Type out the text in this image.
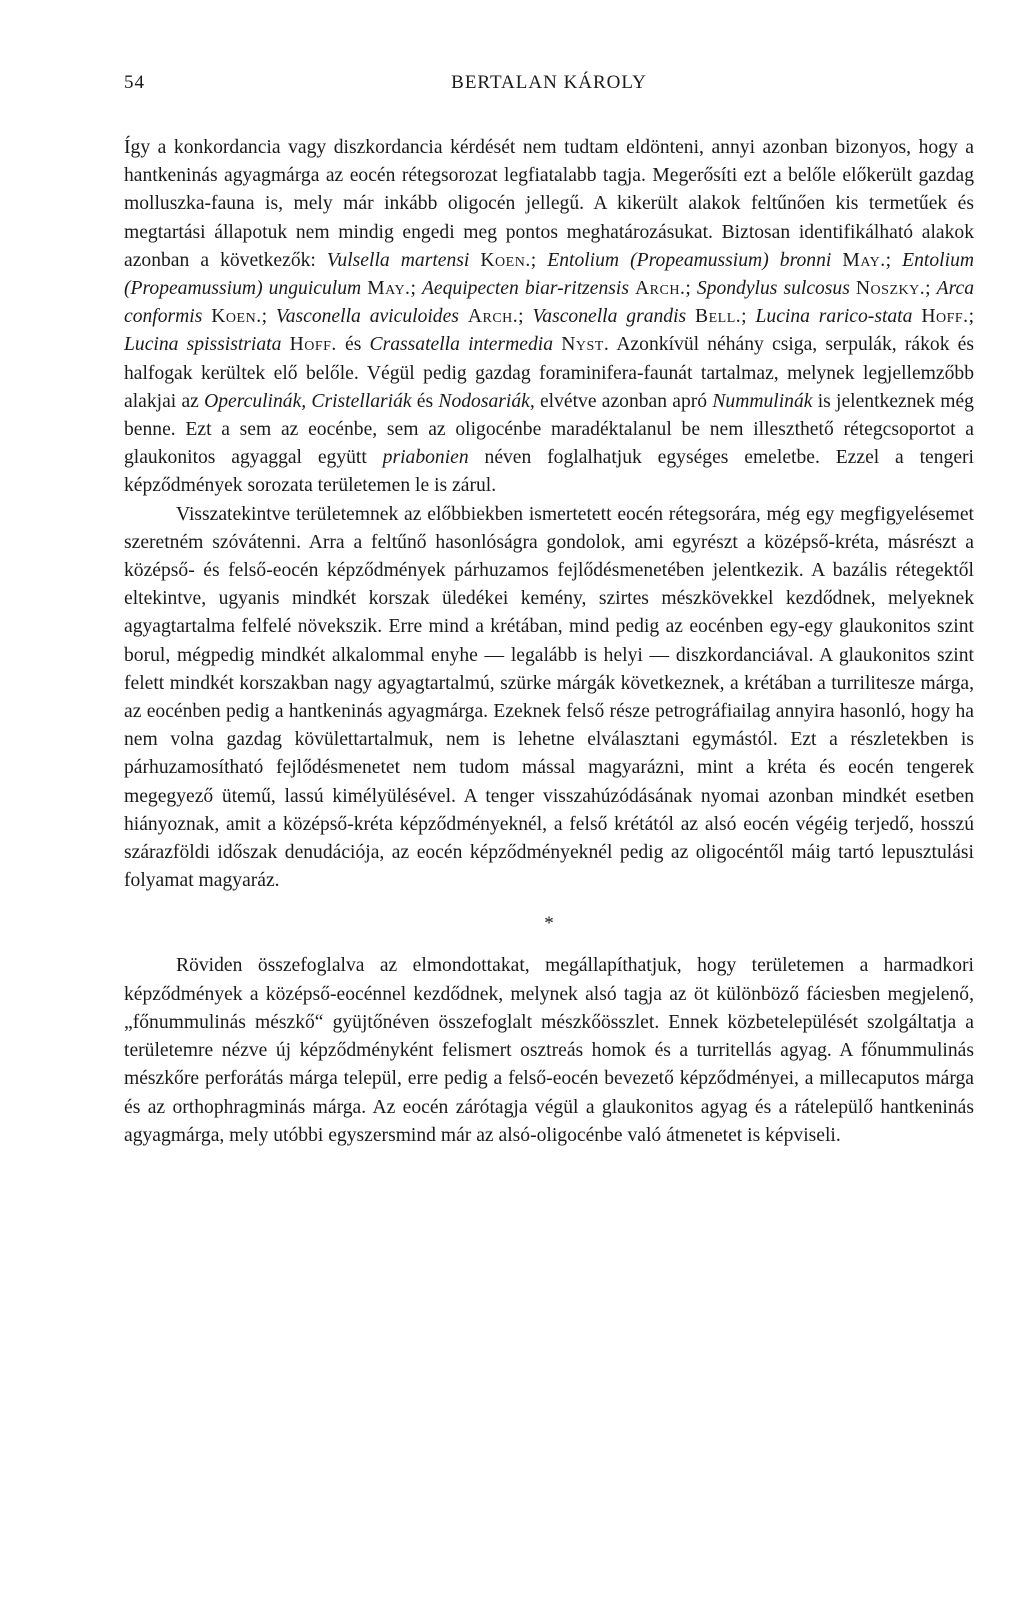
54	BERTALAN KÁROLY

Így a konkordancia vagy diszkordancia kérdését nem tudtam eldönteni, annyi azonban bizonyos, hogy a hantkeninás agyagmárga az eocén rétegsorozat legfiatalabb tagja. Megerősíti ezt a belőle előkerült gazdag molluszka-fauna is, mely már inkább oligocén jellegű. A kikerült alakok feltűnően kis termetűek és megtartási állapotuk nem mindig engedi meg pontos meghatározásukat. Biztosan identifikálható alakok azonban a következők: Vulsella martensi Koen.; Entolium (Propeamussium) bronni May.; Entolium (Propeamussium) unguiculum May.; Aequipecten biar-ritzensis Arch.; Spondylus sulcosus Noszky.; Arca conformis Koen.; Vasconella aviculoides Arch.; Vasconella grandis Bell.; Lucina rarico-stata Hoff.; Lucina spissistriata Hoff. és Crassatella intermedia Nyst. Azonkívül néhány csiga, serpulák, rákok és halfogak kerültek elő belőle. Végül pedig gazdag foraminifera-faunát tartalmaz, melynek legjellemzőbb alakjai az Operculinák, Cristellariák és Nodosariák, elvétve azonban apró Nummulinák is jelentkeznek még benne. Ezt a sem az eocénbe, sem az oligocénbe maradéktalanul be nem illeszthető rétegcsoportot a glaukonitos agyaggal együtt priabonien néven foglalhatjuk egységes emeletbe. Ezzel a tengeri képződmények sorozata területemen le is zárul.

Visszatekintve területemnek az előbbiekben ismertetett eocén rétegsorára, még egy megfigyelésemet szeretném szóvátenni. Arra a feltűnő hasonlóságra gondolok, ami egyrészt a középső-kréta, másrészt a középső- és felső-eocén képződmények párhuzamos fejlődésmenetében jelentkezik. A bazális rétegektől eltekintve, ugyanis mindkét korszak üledékei kemény, szirtes mészkövekkel kezdődnek, melyeknek agyagtartalma felfelé növekszik. Erre mind a krétában, mind pedig az eocénben egy-egy glaukonitos szint borul, mégpedig mindkét alkalommal enyhe — legalább is helyi — diszkordanciával. A glaukonitos szint felett mindkét korszakban nagy agyagtartalmú, szürke márgák következnek, a krétában a turrilitesze márga, az eocénben pedig a hantkeninás agyagmárga. Ezeknek felső része petrográfiailag annyira hasonló, hogy ha nem volna gazdag kövülettartalmuk, nem is lehetne elválasztani egymástól. Ezt a részletekben is párhuzamosítható fejlődésmenetet nem tudom mással magyarázni, mint a kréta és eocén tengerek megegyező ütemű, lassú kimélyülésével. A tenger visszahúzódásának nyomai azonban mindkét esetben hiányoznak, amit a középső-kréta képződményeknél, a felső krétától az alsó eocén végéig terjedő, hosszú szárazföldi időszak denudációja, az eocén képződményeknél pedig az oligocéntől máig tartó lepusztulási folyamat magyaráz.

*

Röviden összefoglalva az elmondottakat, megállapíthatjuk, hogy területemen a harmadkori képződmények a középső-eocénnel kezdődnek, melynek alsó tagja az öt különböző fáciesben megjelenő, „főnummulinás mészkő“ gyüjtőnéven összefoglalt mészkőösszlet. Ennek közbetelepülését szolgáltatja a területemre nézve új képződményként felismert osztreás homok és a turritellás agyag. A főnummulinás mészkőre perforátás márga települ, erre pedig a felső-eocén bevezető képződményei, a millecaputos márga és az orthophragminás márga. Az eocén zárótagja végül a glaukonitos agyag és a rátelepülő hantkeninás agyagmárga, mely utóbbi egyszersmind már az alsó-oligocénbe való átmenetet is képviseli.
